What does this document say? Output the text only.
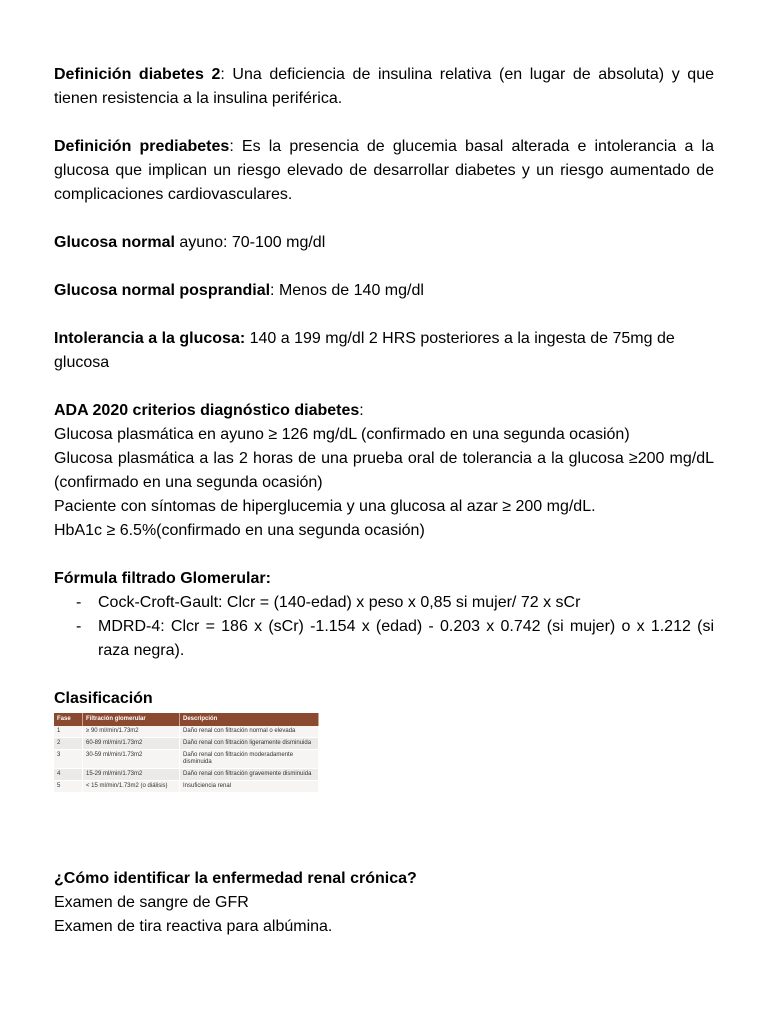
Definición diabetes 2: Una deficiencia de insulina relativa (en lugar de absoluta) y que tienen resistencia a la insulina periférica.

Definición prediabetes: Es la presencia de glucemia basal alterada e intolerancia a la glucosa que implican un riesgo elevado de desarrollar diabetes y un riesgo aumentado de complicaciones cardiovasculares.

Glucosa normal ayuno: 70-100 mg/dl

Glucosa normal posprandial: Menos de 140 mg/dl

Intolerancia a la glucosa: 140 a 199 mg/dl 2 HRS posteriores a la ingesta de 75mg de glucosa

ADA 2020 criterios diagnóstico diabetes:
Glucosa plasmática en ayuno ≥ 126 mg/dL (confirmado en una segunda ocasión)
Glucosa plasmática a las 2 horas de una prueba oral de tolerancia a la glucosa ≥200 mg/dL (confirmado en una segunda ocasión)
Paciente con síntomas de hiperglucemia y una glucosa al azar ≥ 200 mg/dL.
HbA1c ≥ 6.5%(confirmado en una segunda ocasión)
Fórmula filtrado Glomerular:
- Cock-Croft-Gault: Clcr = (140-edad) x peso x 0,85 si mujer/ 72 x sCr
- MDRD-4: Clcr = 186 x (sCr) -1.154 x (edad) - 0.203 x 0.742 (si mujer) o x 1.212 (si raza negra).
Clasificación
Fase	Filtración glomerular	Descripción
1	≥ 90 ml/min/1.73m2	Daño renal con filtración normal o elevada
2	60-89 ml/min/1.73m2	Daño renal con filtración ligeramente disminuida
3	30-59 ml/min/1.73m2	Daño renal con filtración moderadamente disminuida
4	15-29 ml/min/1.73m2	Daño renal con filtración gravemente disminuida
5	< 15 ml/min/1.73m2 (o diálisis)	Insuficiencia renal
¿Cómo identificar la enfermedad renal crónica?
Examen de sangre de GFR
Examen de tira reactiva para albúmina.
